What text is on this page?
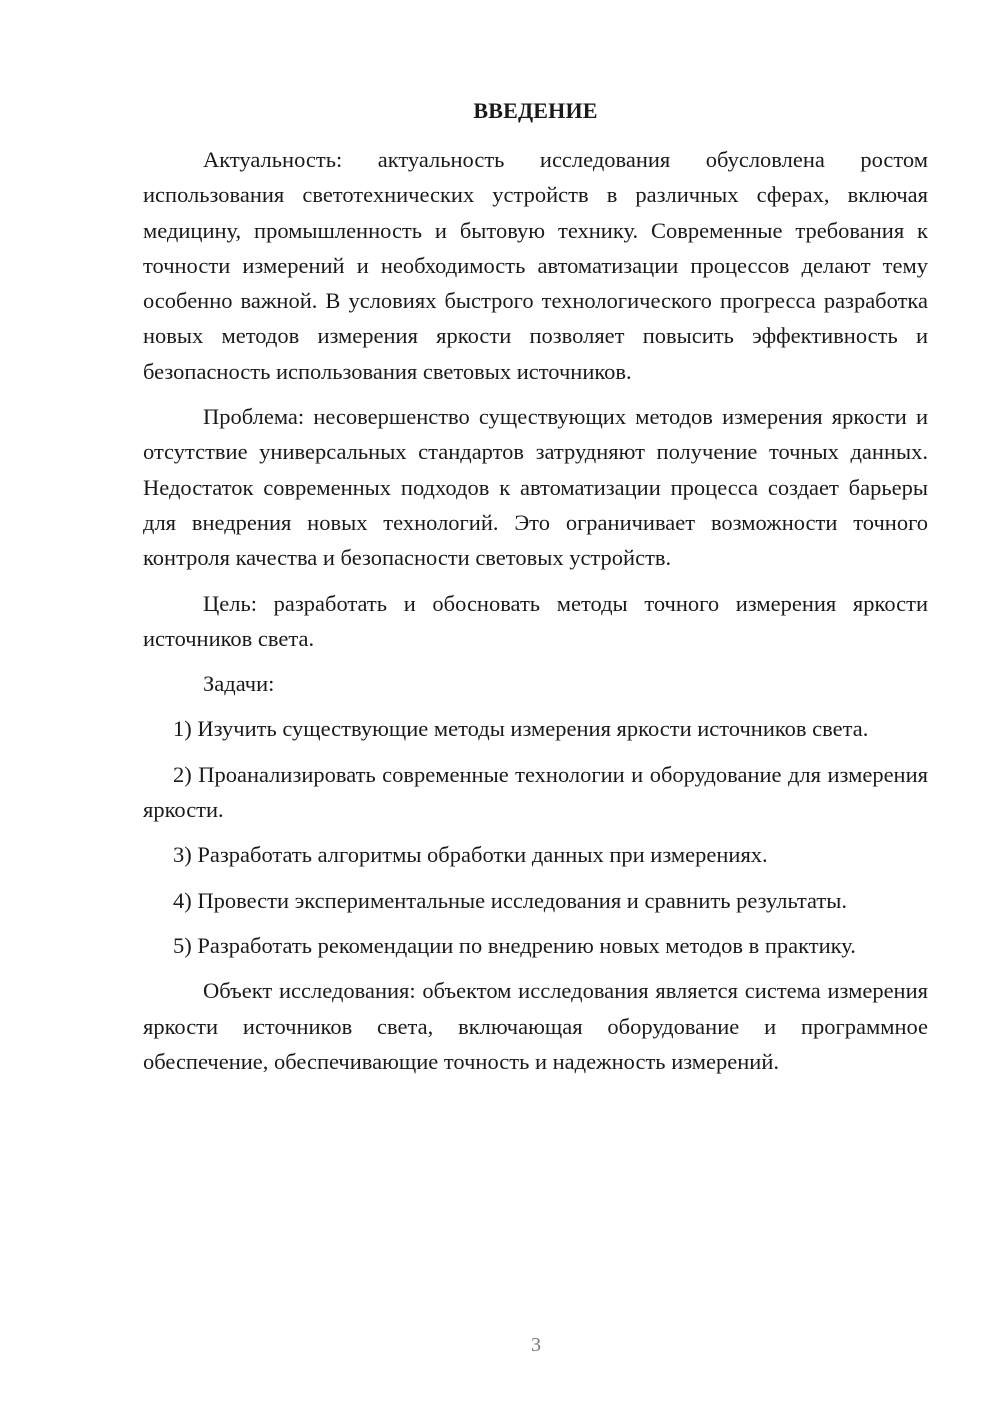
ВВЕДЕНИЕ

Актуальность: актуальность исследования обусловлена ростом использования светотехнических устройств в различных сферах, включая медицину, промышленность и бытовую технику. Современные требования к точности измерений и необходимость автоматизации процессов делают тему особенно важной. В условиях быстрого технологического прогресса разработка новых методов измерения яркости позволяет повысить эффективность и безопасность использования световых источников.

Проблема: несовершенство существующих методов измерения яркости и отсутствие универсальных стандартов затрудняют получение точных данных. Недостаток современных подходов к автоматизации процесса создает барьеры для внедрения новых технологий. Это ограничивает возможности точного контроля качества и безопасности световых устройств.

Цель: разработать и обосновать методы точного измерения яркости источников света.

Задачи:

1) Изучить существующие методы измерения яркости источников света.

2) Проанализировать современные технологии и оборудование для измерения яркости.

3) Разработать алгоритмы обработки данных при измерениях.

4) Провести экспериментальные исследования и сравнить результаты.

5) Разработать рекомендации по внедрению новых методов в практику.

Объект исследования: объектом исследования является система измерения яркости источников света, включающая оборудование и программное обеспечение, обеспечивающие точность и надежность измерений.

3
